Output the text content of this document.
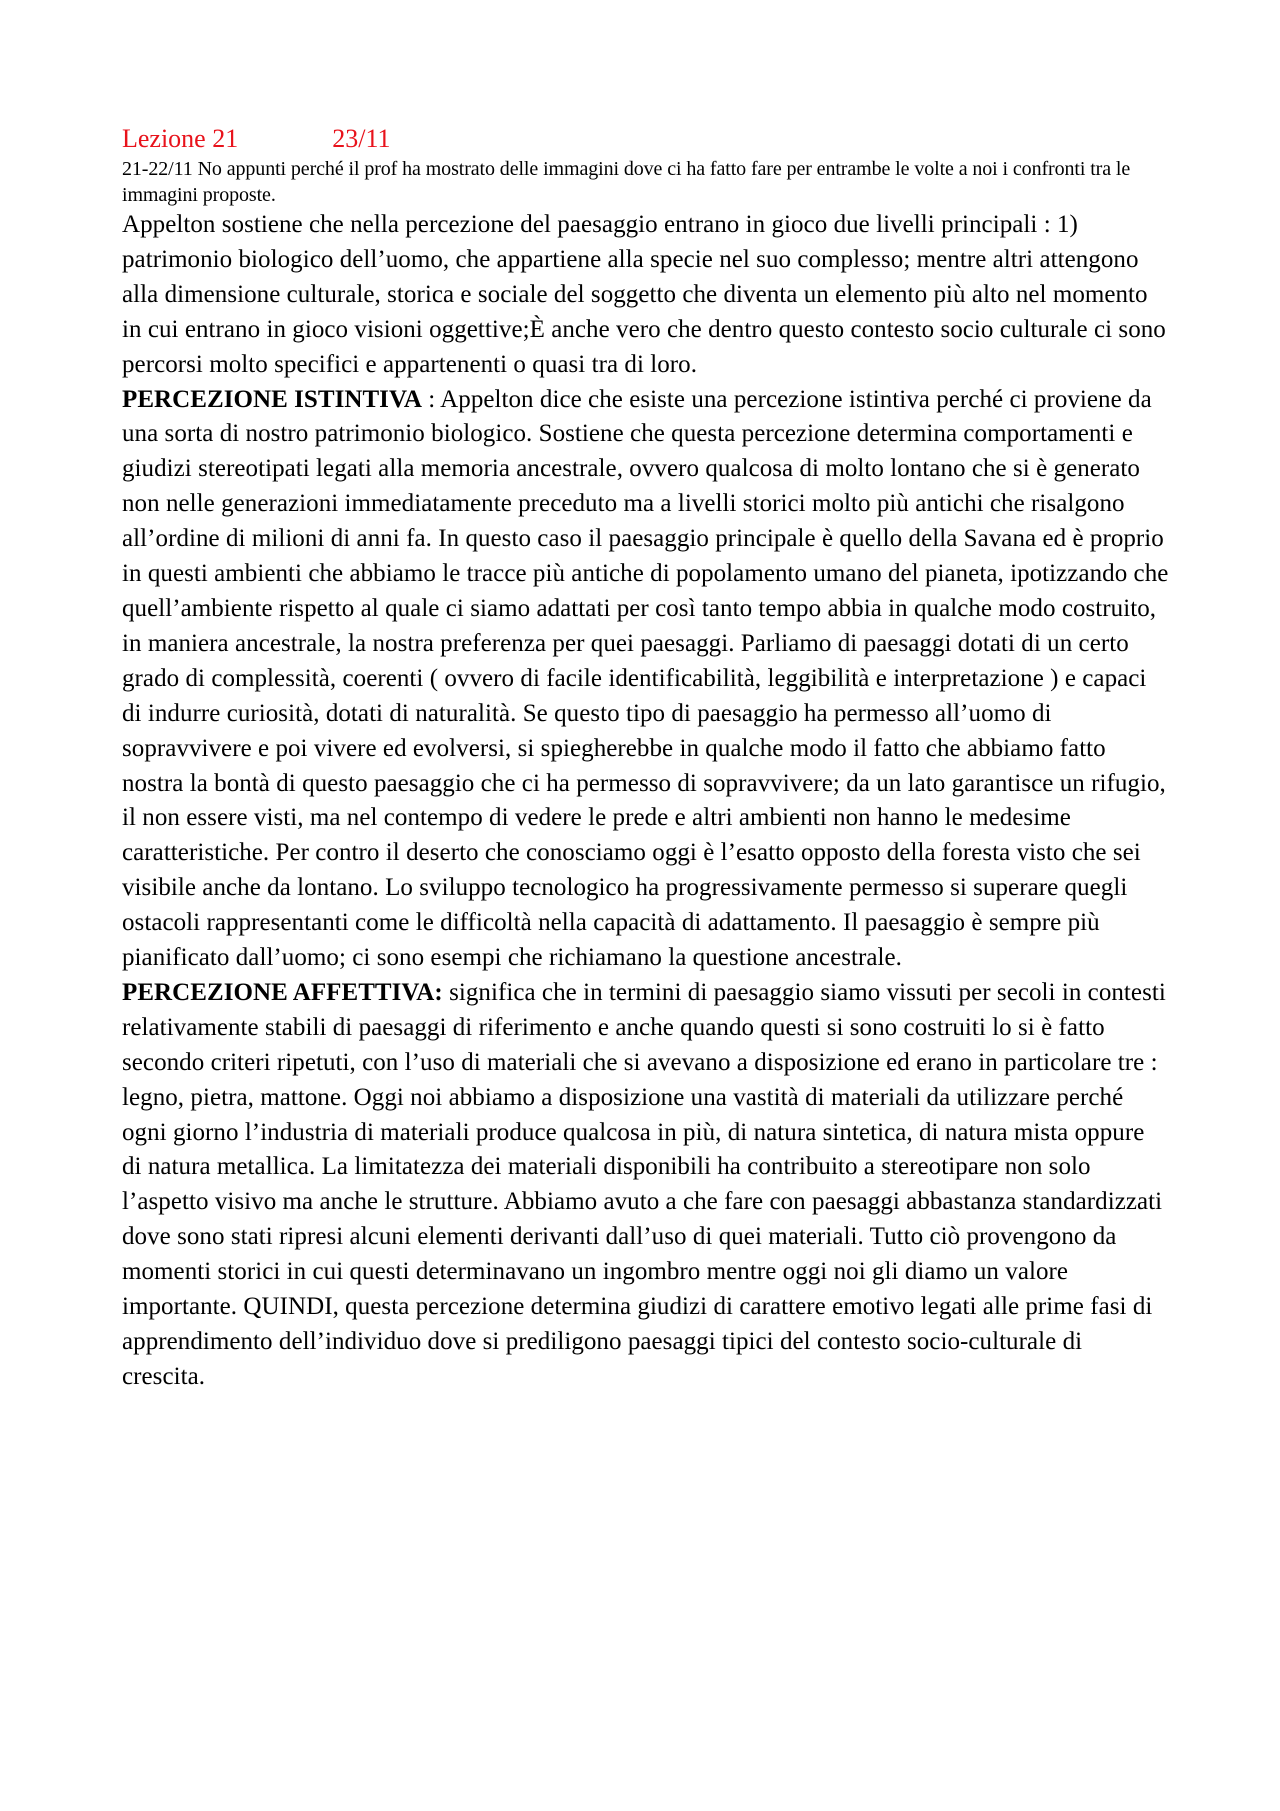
Lezione 21	23/11

21-22/11 No appunti perché il prof ha mostrato delle immagini dove ci ha fatto fare per entrambe le volte a noi i confronti tra le immagini proposte.

Appelton sostiene che nella percezione del paesaggio entrano in gioco due livelli principali : 1) patrimonio biologico dell’uomo, che appartiene alla specie nel suo complesso; mentre altri attengono alla dimensione culturale, storica e sociale del soggetto che diventa un elemento più alto nel momento in cui entrano in gioco visioni oggettive;È anche vero che dentro questo contesto socio culturale ci sono percorsi molto specifici e appartenenti o quasi tra di loro.

PERCEZIONE ISTINTIVA : Appelton dice che esiste una percezione istintiva perché ci proviene da una sorta di nostro patrimonio biologico. Sostiene che questa percezione determina comportamenti e giudizi stereotipati legati alla memoria ancestrale, ovvero qualcosa di molto lontano che si è generato non nelle generazioni immediatamente preceduto ma a livelli storici molto più antichi che risalgono all’ordine di milioni di anni fa. In questo caso il paesaggio principale è quello della Savana ed è proprio in questi ambienti che abbiamo le tracce più antiche di popolamento umano del pianeta, ipotizzando che quell’ambiente rispetto al quale ci siamo adattati per così tanto tempo abbia in qualche modo costruito, in maniera ancestrale, la nostra preferenza per quei paesaggi. Parliamo di paesaggi dotati di un certo grado di complessità, coerenti ( ovvero di facile identificabilità, leggibilità e interpretazione ) e capaci di indurre curiosità, dotati di naturalità. Se questo tipo di paesaggio ha permesso all’uomo di sopravvivere e poi vivere ed evolversi, si spiegherebbe in qualche modo il fatto che abbiamo fatto nostra la bontà di questo paesaggio che ci ha permesso di sopravvivere; da un lato garantisce un rifugio, il non essere visti, ma nel contempo di vedere le prede e altri ambienti non hanno le medesime caratteristiche. Per contro il deserto che conosciamo oggi è l’esatto opposto della foresta visto che sei visibile anche da lontano. Lo sviluppo tecnologico ha progressivamente permesso si superare quegli ostacoli rappresentanti come le difficoltà nella capacità di adattamento. Il paesaggio è sempre più pianificato dall’uomo; ci sono esempi che richiamano la questione ancestrale.

PERCEZIONE AFFETTIVA: significa che in termini di paesaggio siamo vissuti per secoli in contesti relativamente stabili di paesaggi di riferimento e anche quando questi si sono costruiti lo si è fatto secondo criteri ripetuti, con l’uso di materiali che si avevano a disposizione ed erano in particolare tre : legno, pietra, mattone. Oggi noi abbiamo a disposizione una vastità di materiali da utilizzare perché ogni giorno l’industria di materiali produce qualcosa in più, di natura sintetica, di natura mista oppure di natura metallica. La limitatezza dei materiali disponibili ha contribuito a stereotipare non solo l’aspetto visivo ma anche le strutture. Abbiamo avuto a che fare con paesaggi abbastanza standardizzati dove sono stati ripresi alcuni elementi derivanti dall’uso di quei materiali. Tutto ciò provengono da momenti storici in cui questi determinavano un ingombro mentre oggi noi gli diamo un valore importante. QUINDI, questa percezione determina giudizi di carattere emotivo legati alle prime fasi di apprendimento dell’individuo dove si prediligono paesaggi tipici del contesto socio-culturale di crescita.
